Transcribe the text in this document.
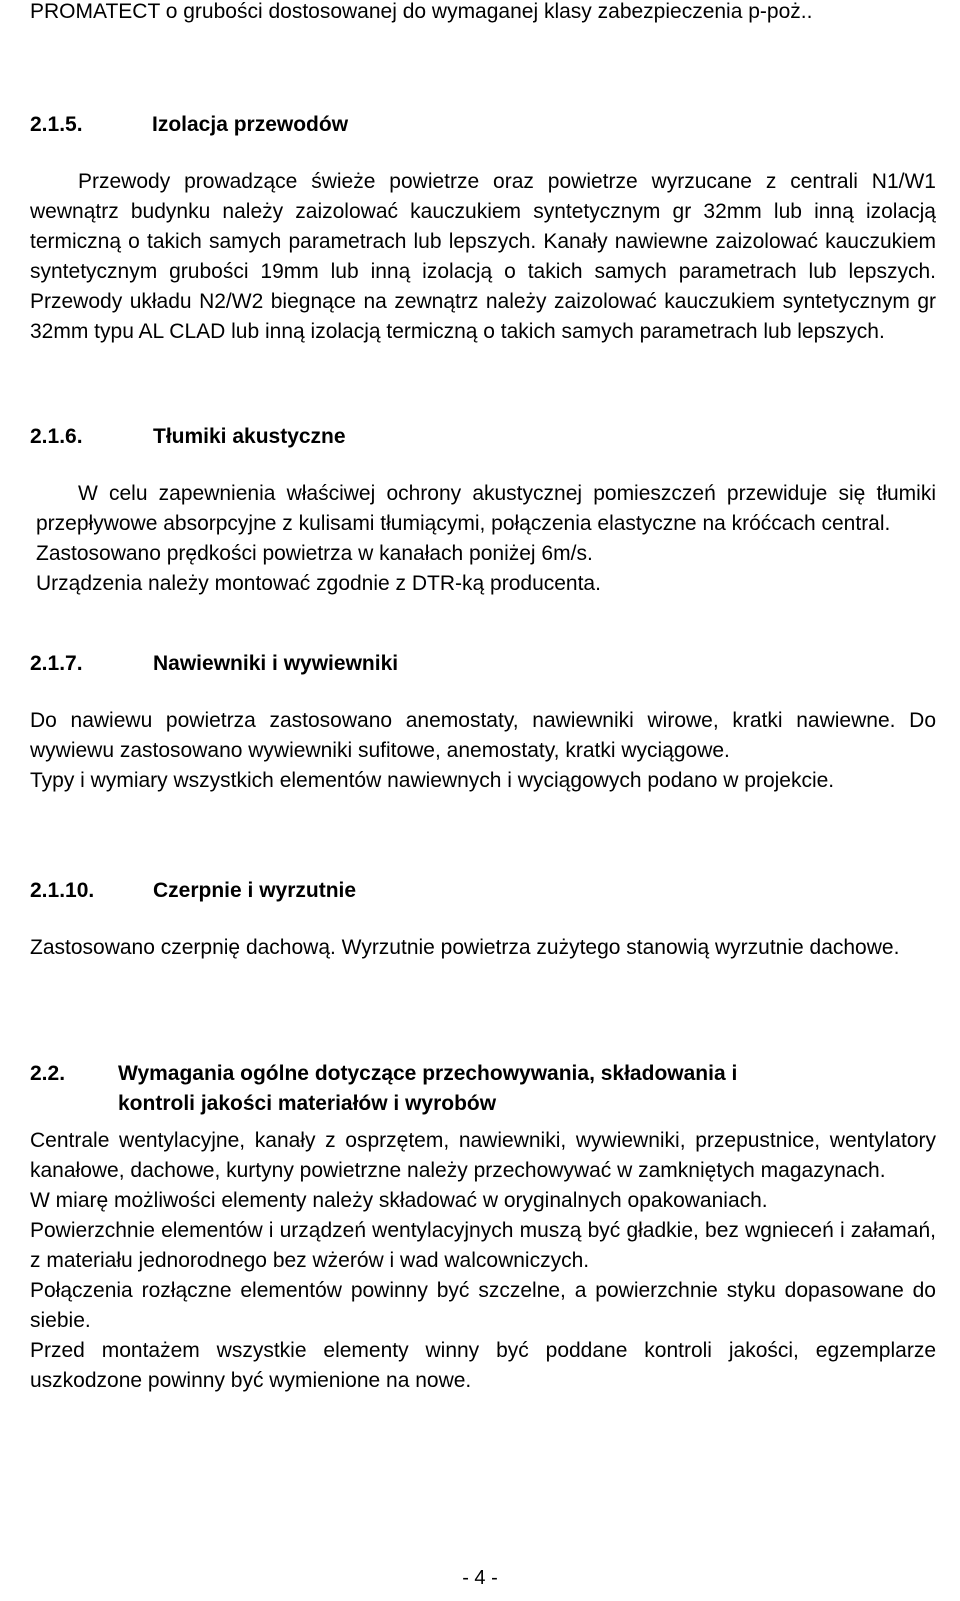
PROMATECT o grubości dostosowanej do wymaganej klasy zabezpieczenia p-poż..

2.1.5.	Izolacja przewodów

Przewody prowadzące świeże powietrze oraz powietrze wyrzucane z centrali N1/W1 wewnątrz budynku należy zaizolować kauczukiem syntetycznym gr 32mm lub inną izolacją termiczną o takich samych parametrach lub lepszych. Kanały nawiewne zaizolować kauczukiem syntetycznym grubości 19mm lub inną izolacją o takich samych parametrach lub lepszych. Przewody układu N2/W2 biegnące na zewnątrz należy zaizolować kauczukiem syntetycznym gr 32mm typu AL CLAD lub inną izolacją termiczną o takich samych parametrach lub lepszych.

2.1.6.	Tłumiki akustyczne

W celu zapewnienia właściwej ochrony akustycznej pomieszczeń przewiduje się tłumiki przepływowe absorpcyjne z kulisami tłumiącymi, połączenia elastyczne na króćcach central.

Zastosowano prędkości powietrza w kanałach poniżej 6m/s.

Urządzenia należy montować zgodnie z DTR-ką producenta.

2.1.7.	Nawiewniki i wywiewniki

Do nawiewu powietrza zastosowano anemostaty, nawiewniki wirowe, kratki nawiewne. Do wywiewu zastosowano wywiewniki sufitowe, anemostaty, kratki wyciągowe.

Typy i wymiary wszystkich elementów nawiewnych i wyciągowych podano w projekcie.

2.1.10.	Czerpnie i wyrzutnie

Zastosowano czerpnię dachową. Wyrzutnie powietrza zużytego stanowią wyrzutnie dachowe.

2.2.	Wymagania ogólne dotyczące przechowywania, składowania i
kontroli jakości materiałów i wyrobów

Centrale wentylacyjne, kanały z osprzętem, nawiewniki, wywiewniki, przepustnice, wentylatory kanałowe, dachowe, kurtyny powietrzne należy przechowywać w zamkniętych magazynach.

W miarę możliwości elementy należy składować w oryginalnych opakowaniach.

Powierzchnie elementów i urządzeń wentylacyjnych muszą być gładkie, bez wgnieceń i załamań, z materiału jednorodnego bez wżerów i wad walcowniczych.

Połączenia rozłączne elementów powinny być szczelne, a powierzchnie styku dopasowane do siebie.

Przed montażem wszystkie elementy winny być poddane kontroli jakości, egzemplarze uszkodzone powinny być wymienione na nowe.

- 4 -
